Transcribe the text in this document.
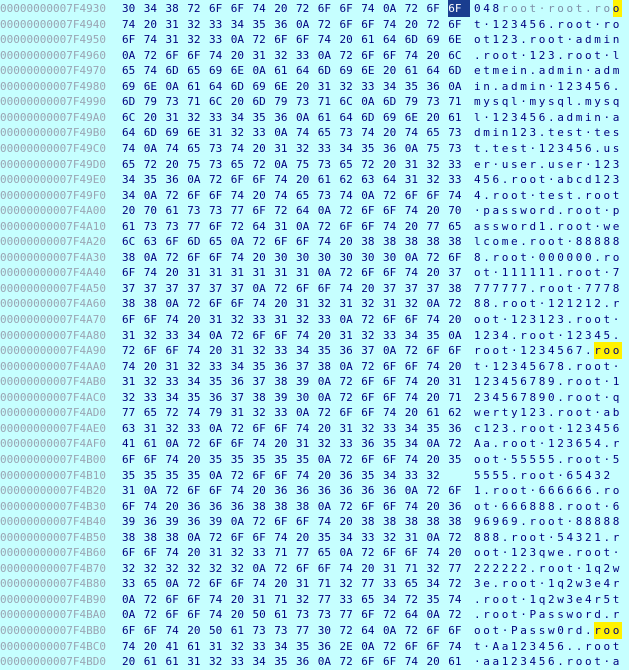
00000000007F4930	30 34 38 72 6F 6F 74 20 72 6F 6F 74 0A 72 6F 6F	0 4 8 r o o t · r o o t . r o o
00000000007F4940	74 20 31 32 33 34 35 36 0A 72 6F 6F 74 20 72 6F	t · 1 2 3 4 5 6 . r o o t · r o
00000000007F4950	6F 74 31 32 33 0A 72 6F 6F 74 20 61 64 6D 69 6E	o t 1 2 3 . r o o t · a d m i n
00000000007F4960	0A 72 6F 6F 74 20 31 32 33 0A 72 6F 6F 74 20 6C	. r o o t · 1 2 3 . r o o t · l
00000000007F4970	65 74 6D 65 69 6E 0A 61 64 6D 69 6E 20 61 64 6D	e t m e i n . a d m i n · a d m
00000000007F4980	69 6E 0A 61 64 6D 69 6E 20 31 32 33 34 35 36 0A	i n . a d m i n · 1 2 3 4 5 6 .
00000000007F4990	6D 79 73 71 6C 20 6D 79 73 71 6C 0A 6D 79 73 71	m y s q l · m y s q l . m y s q
00000000007F49A0	6C 20 31 32 33 34 35 36 0A 61 64 6D 69 6E 20 61	l · 1 2 3 4 5 6 . a d m i n · a
00000000007F49B0	64 6D 69 6E 31 32 33 0A 74 65 73 74 20 74 65 73	d m i n 1 2 3 . t e s t · t e s
00000000007F49C0	74 0A 74 65 73 74 20 31 32 33 34 35 36 0A 75 73	t . t e s t · 1 2 3 4 5 6 . u s
00000000007F49D0	65 72 20 75 73 65 72 0A 75 73 65 72 20 31 32 33	e r · u s e r . u s e r · 1 2 3
00000000007F49E0	34 35 36 0A 72 6F 6F 74 20 61 62 63 64 31 32 33	4 5 6 . r o o t · a b c d 1 2 3
00000000007F49F0	34 0A 72 6F 6F 74 20 74 65 73 74 0A 72 6F 6F 74	4 . r o o t · t e s t . r o o t
00000000007F4A00	20 70 61 73 73 77 6F 72 64 0A 72 6F 6F 74 20 70	· p a s s w o r d . r o o t · p
00000000007F4A10	61 73 73 77 6F 72 64 31 0A 72 6F 6F 74 20 77 65	a s s w o r d 1 . r o o t · w e
00000000007F4A20	6C 63 6F 6D 65 0A 72 6F 6F 74 20 38 38 38 38 38	l c o m e . r o o t · 8 8 8 8 8
00000000007F4A30	38 0A 72 6F 6F 74 20 30 30 30 30 30 30 0A 72 6F	8 . r o o t · 0 0 0 0 0 0 . r o
00000000007F4A40	6F 74 20 31 31 31 31 31 31 0A 72 6F 6F 74 20 37	o t · 1 1 1 1 1 1 . r o o t · 7
00000000007F4A50	37 37 37 37 37 37 0A 72 6F 6F 74 20 37 37 37 38	7 7 7 7 7 7 . r o o t · 7 7 7 8
00000000007F4A60	38 38 0A 72 6F 6F 74 20 31 32 31 32 31 32 0A 72	8 8 . r o o t · 1 2 1 2 1 2 . r
00000000007F4A70	6F 6F 74 20 31 32 33 31 32 33 0A 72 6F 6F 74 20	o o t · 1 2 3 1 2 3 . r o o t ·
00000000007F4A80	31 32 33 34 0A 72 6F 6F 74 20 31 32 33 34 35 0A	1 2 3 4 . r o o t · 1 2 3 4 5 .
00000000007F4A90	72 6F 6F 74 20 31 32 33 34 35 36 37 0A 72 6F 6F	r o o t · 1 2 3 4 5 6 7 . r o o
00000000007F4AA0	74 20 31 32 33 34 35 36 37 38 0A 72 6F 6F 74 20	t · 1 2 3 4 5 6 7 8 . r o o t ·
00000000007F4AB0	31 32 33 34 35 36 37 38 39 0A 72 6F 6F 74 20 31	1 2 3 4 5 6 7 8 9 . r o o t · 1
00000000007F4AC0	32 33 34 35 36 37 38 39 30 0A 72 6F 6F 74 20 71	2 3 4 5 6 7 8 9 0 . r o o t · q
00000000007F4AD0	77 65 72 74 79 31 32 33 0A 72 6F 6F 74 20 61 62	w e r t y 1 2 3 . r o o t · a b
00000000007F4AE0	63 31 32 33 0A 72 6F 6F 74 20 31 32 33 34 35 36	c 1 2 3 . r o o t · 1 2 3 4 5 6
00000000007F4AF0	41 61 0A 72 6F 6F 74 20 31 32 33 36 35 34 0A 72	A a . r o o t · 1 2 3 6 5 4 . r
00000000007F4B00	6F 6F 74 20 35 35 35 35 35 0A 72 6F 6F 74 20 35	o o t · 5 5 5 5 5 . r o o t · 5
00000000007F4B10	35 35 35 35 0A 72 6F 6F 74 20 36 35 34 33 32	5 5 5 5 . r o o t · 6 5 4 3 2
00000000007F4B20	31 0A 72 6F 6F 74 20 36 36 36 36 36 36 0A 72 6F	1 . r o o t · 6 6 6 6 6 6 . r o
00000000007F4B30	6F 74 20 36 36 36 38 38 38 0A 72 6F 6F 74 20 36	o t · 6 6 6 8 8 8 . r o o t · 6
00000000007F4B40	39 36 39 36 39 0A 72 6F 6F 74 20 38 38 38 38 38	9 6 9 6 9 . r o o t · 8 8 8 8 8
00000000007F4B50	38 38 38 0A 72 6F 6F 74 20 35 34 33 32 31 0A 72	8 8 8 . r o o t · 5 4 3 2 1 . r
00000000007F4B60	6F 6F 74 20 31 32 33 71 77 65 0A 72 6F 6F 74 20	o o t · 1 2 3 q w e . r o o t ·
00000000007F4B70	32 32 32 32 32 32 0A 72 6F 6F 74 20 31 71 32 77	2 2 2 2 2 2 . r o o t · 1 q 2 w
00000000007F4B80	33 65 0A 72 6F 6F 74 20 31 71 32 77 33 65 34 72	3 e . r o o t · 1 q 2 w 3 e 4 r
00000000007F4B90	0A 72 6F 6F 74 20 31 71 32 77 33 65 34 72 35 74	. r o o t · 1 q 2 w 3 e 4 r 5 t
00000000007F4BA0	0A 72 6F 6F 74 20 50 61 73 73 77 6F 72 64 0A 72	. r o o t · P a s s w o r d . r
00000000007F4BB0	6F 6F 74 20 50 61 73 73 77 30 72 64 0A 72 6F 6F	o o t · P a s s w 0 r d . r o o
00000000007F4BC0	74 20 41 61 31 32 33 34 35 36 2E 0A 72 6F 6F 74	t · A a 1 2 3 4 5 6 . . r o o t
00000000007F4BD0	20 61 61 31 32 33 34 35 36 0A 72 6F 6F 74 20 61	· a a 1 2 3 4 5 6 . r o o t · a
